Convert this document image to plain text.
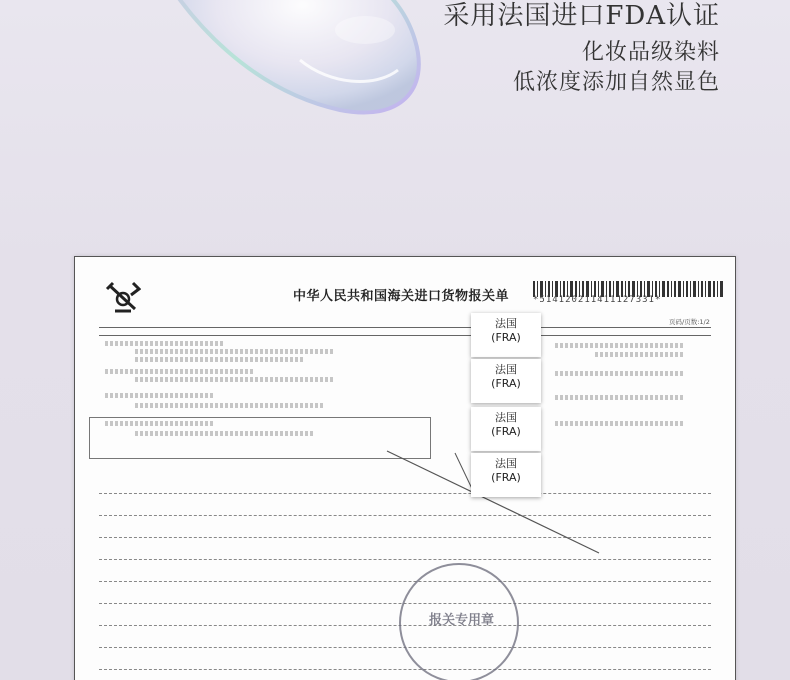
采用法国进口FDA认证
化妆品级染料
低浓度添加自然显色
中华人民共和国海关进口货物报关单	*514120211411127331*
页码/页数:1/2
报关专用章
法国
(FRA)
法国
(FRA)
法国
(FRA)
法国
(FRA)
